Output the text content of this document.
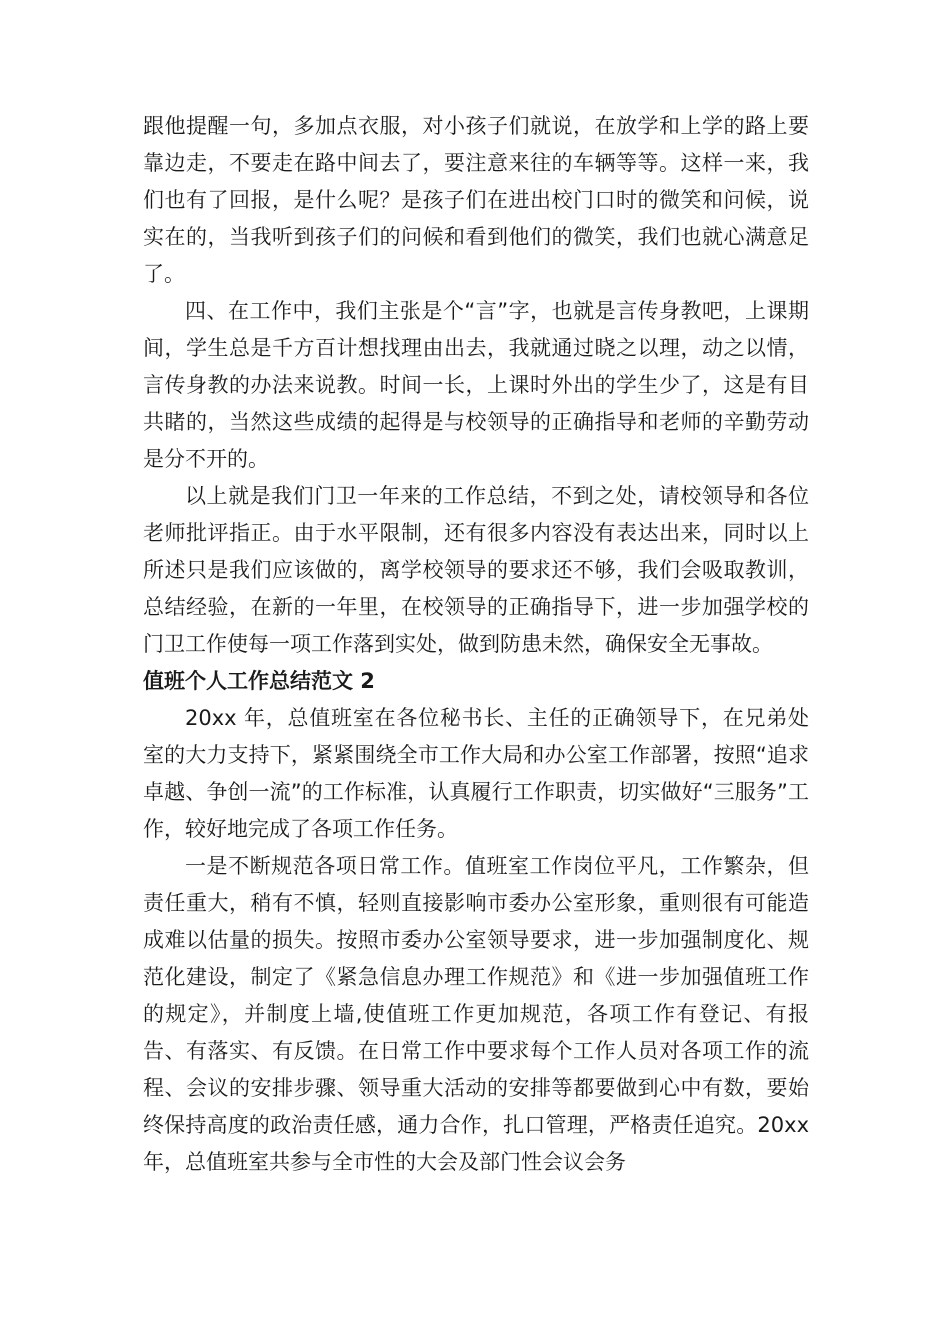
跟他提醒一句，多加点衣服，对小孩子们就说，在放学和上学的路上要靠边走，不要走在路中间去了，要注意来往的车辆等等。这样一来，我们也有了回报，是什么呢？是孩子们在进出校门口时的微笑和问候，说实在的，当我听到孩子们的问候和看到他们的微笑，我们也就心满意足了。

四、在工作中，我们主张是个“言”字，也就是言传身教吧，上课期间，学生总是千方百计想找理由出去，我就通过晓之以理，动之以情，言传身教的办法来说教。时间一长，上课时外出的学生少了，这是有目共睹的，当然这些成绩的起得是与校领导的正确指导和老师的辛勤劳动是分不开的。

以上就是我们门卫一年来的工作总结，不到之处，请校领导和各位老师批评指正。由于水平限制，还有很多内容没有表达出来，同时以上所述只是我们应该做的，离学校领导的要求还不够，我们会吸取教训，总结经验，在新的一年里，在校领导的正确指导下，进一步加强学校的门卫工作使每一项工作落到实处，做到防患未然，确保安全无事故。

值班个人工作总结范文 2

20xx 年，总值班室在各位秘书长、主任的正确领导下，在兄弟处室的大力支持下，紧紧围绕全市工作大局和办公室工作部署，按照“追求卓越、争创一流”的工作标准，认真履行工作职责，切实做好“三服务”工作，较好地完成了各项工作任务。

一是不断规范各项日常工作。值班室工作岗位平凡，工作繁杂，但责任重大，稍有不慎，轻则直接影响市委办公室形象，重则很有可能造成难以估量的损失。按照市委办公室领导要求，进一步加强制度化、规范化建设，制定了《紧急信息办理工作规范》和《进一步加强值班工作的规定》，并制度上墙,使值班工作更加规范，各项工作有登记、有报告、有落实、有反馈。在日常工作中要求每个工作人员对各项工作的流程、会议的安排步骤、领导重大活动的安排等都要做到心中有数，要始终保持高度的政治责任感，通力合作，扎口管理，严格责任追究。20xx 年，总值班室共参与全市性的大会及部门性会议会务
